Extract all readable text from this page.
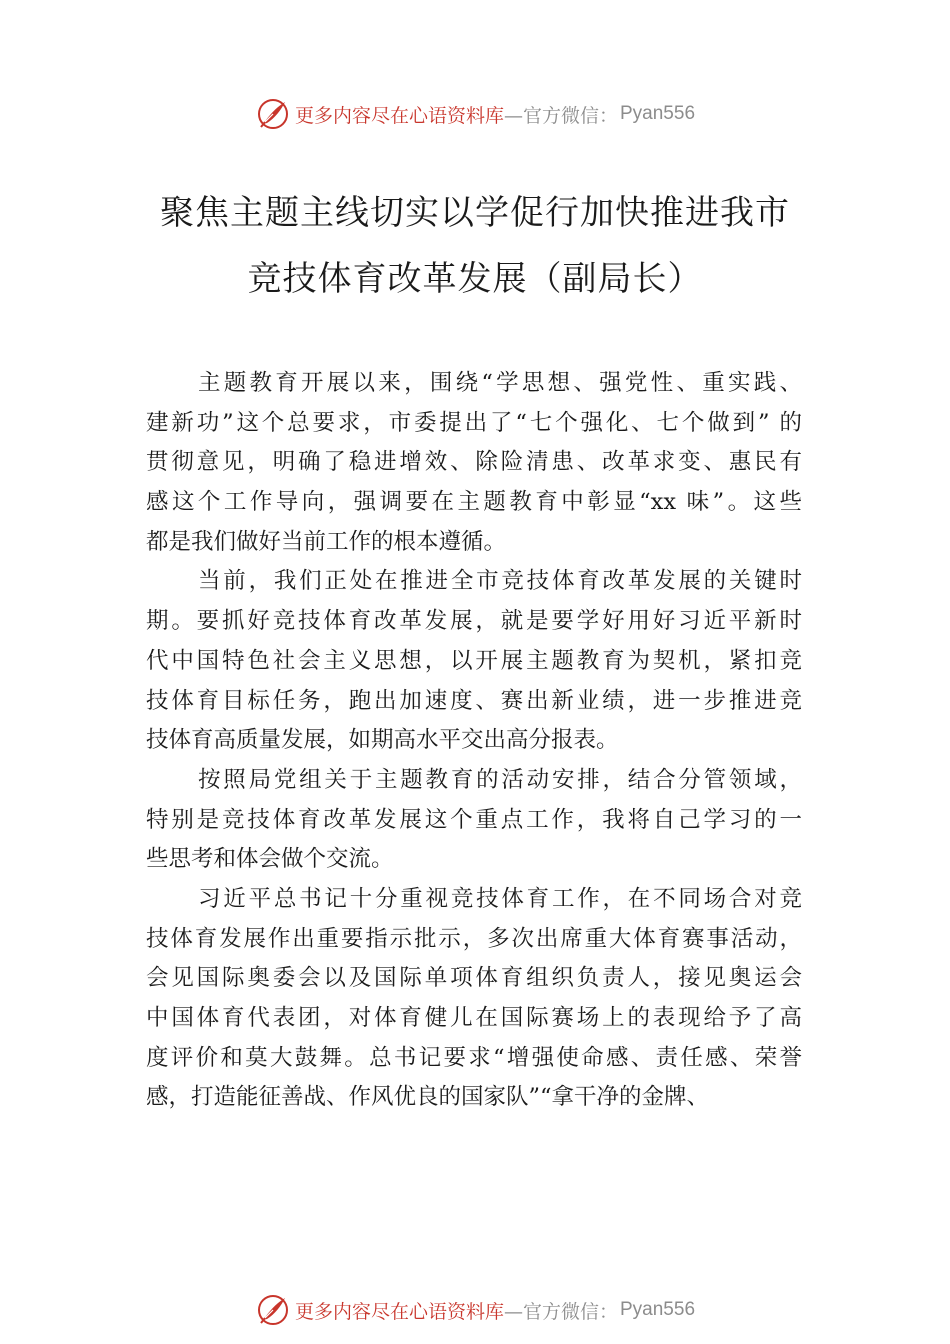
更多内容尽在心语资料库 —官方微信： Pyan556
聚焦主题主线切实以学促行加快推进我市
竞技体育改革发展（副局长）
主题教育开展以来，围绕“学思想、强党性、重实践、
建新功”这个总要求，市委提出了“七个强化、七个做到” 的
贯彻意见，明确了稳进增效、除险清患、改革求变、惠民有
感这个工作导向，强调要在主题教育中彰显“xx 味”。这些
都是我们做好当前工作的根本遵循。
当前，我们正处在推进全市竞技体育改革发展的关键时
期。要抓好竞技体育改革发展，就是要学好用好习近平新时
代中国特色社会主义思想，以开展主题教育为契机，紧扣竞
技体育目标任务，跑出加速度、赛出新业绩，进一步推进竞
技体育高质量发展，如期高水平交出高分报表。
按照局党组关于主题教育的活动安排，结合分管领域，
特别是竞技体育改革发展这个重点工作，我将自己学习的一
些思考和体会做个交流。
习近平总书记十分重视竞技体育工作，在不同场合对竞
技体育发展作出重要指示批示，多次出席重大体育赛事活动，
会见国际奥委会以及国际单项体育组织负责人，接见奥运会
中国体育代表团，对体育健儿在国际赛场上的表现给予了高
度评价和莫大鼓舞。总书记要求“增强使命感、责任感、荣誉
感，打造能征善战、作风优良的国家队”“拿干净的金牌、
更多内容尽在心语资料库 —官方微信： Pyan556
